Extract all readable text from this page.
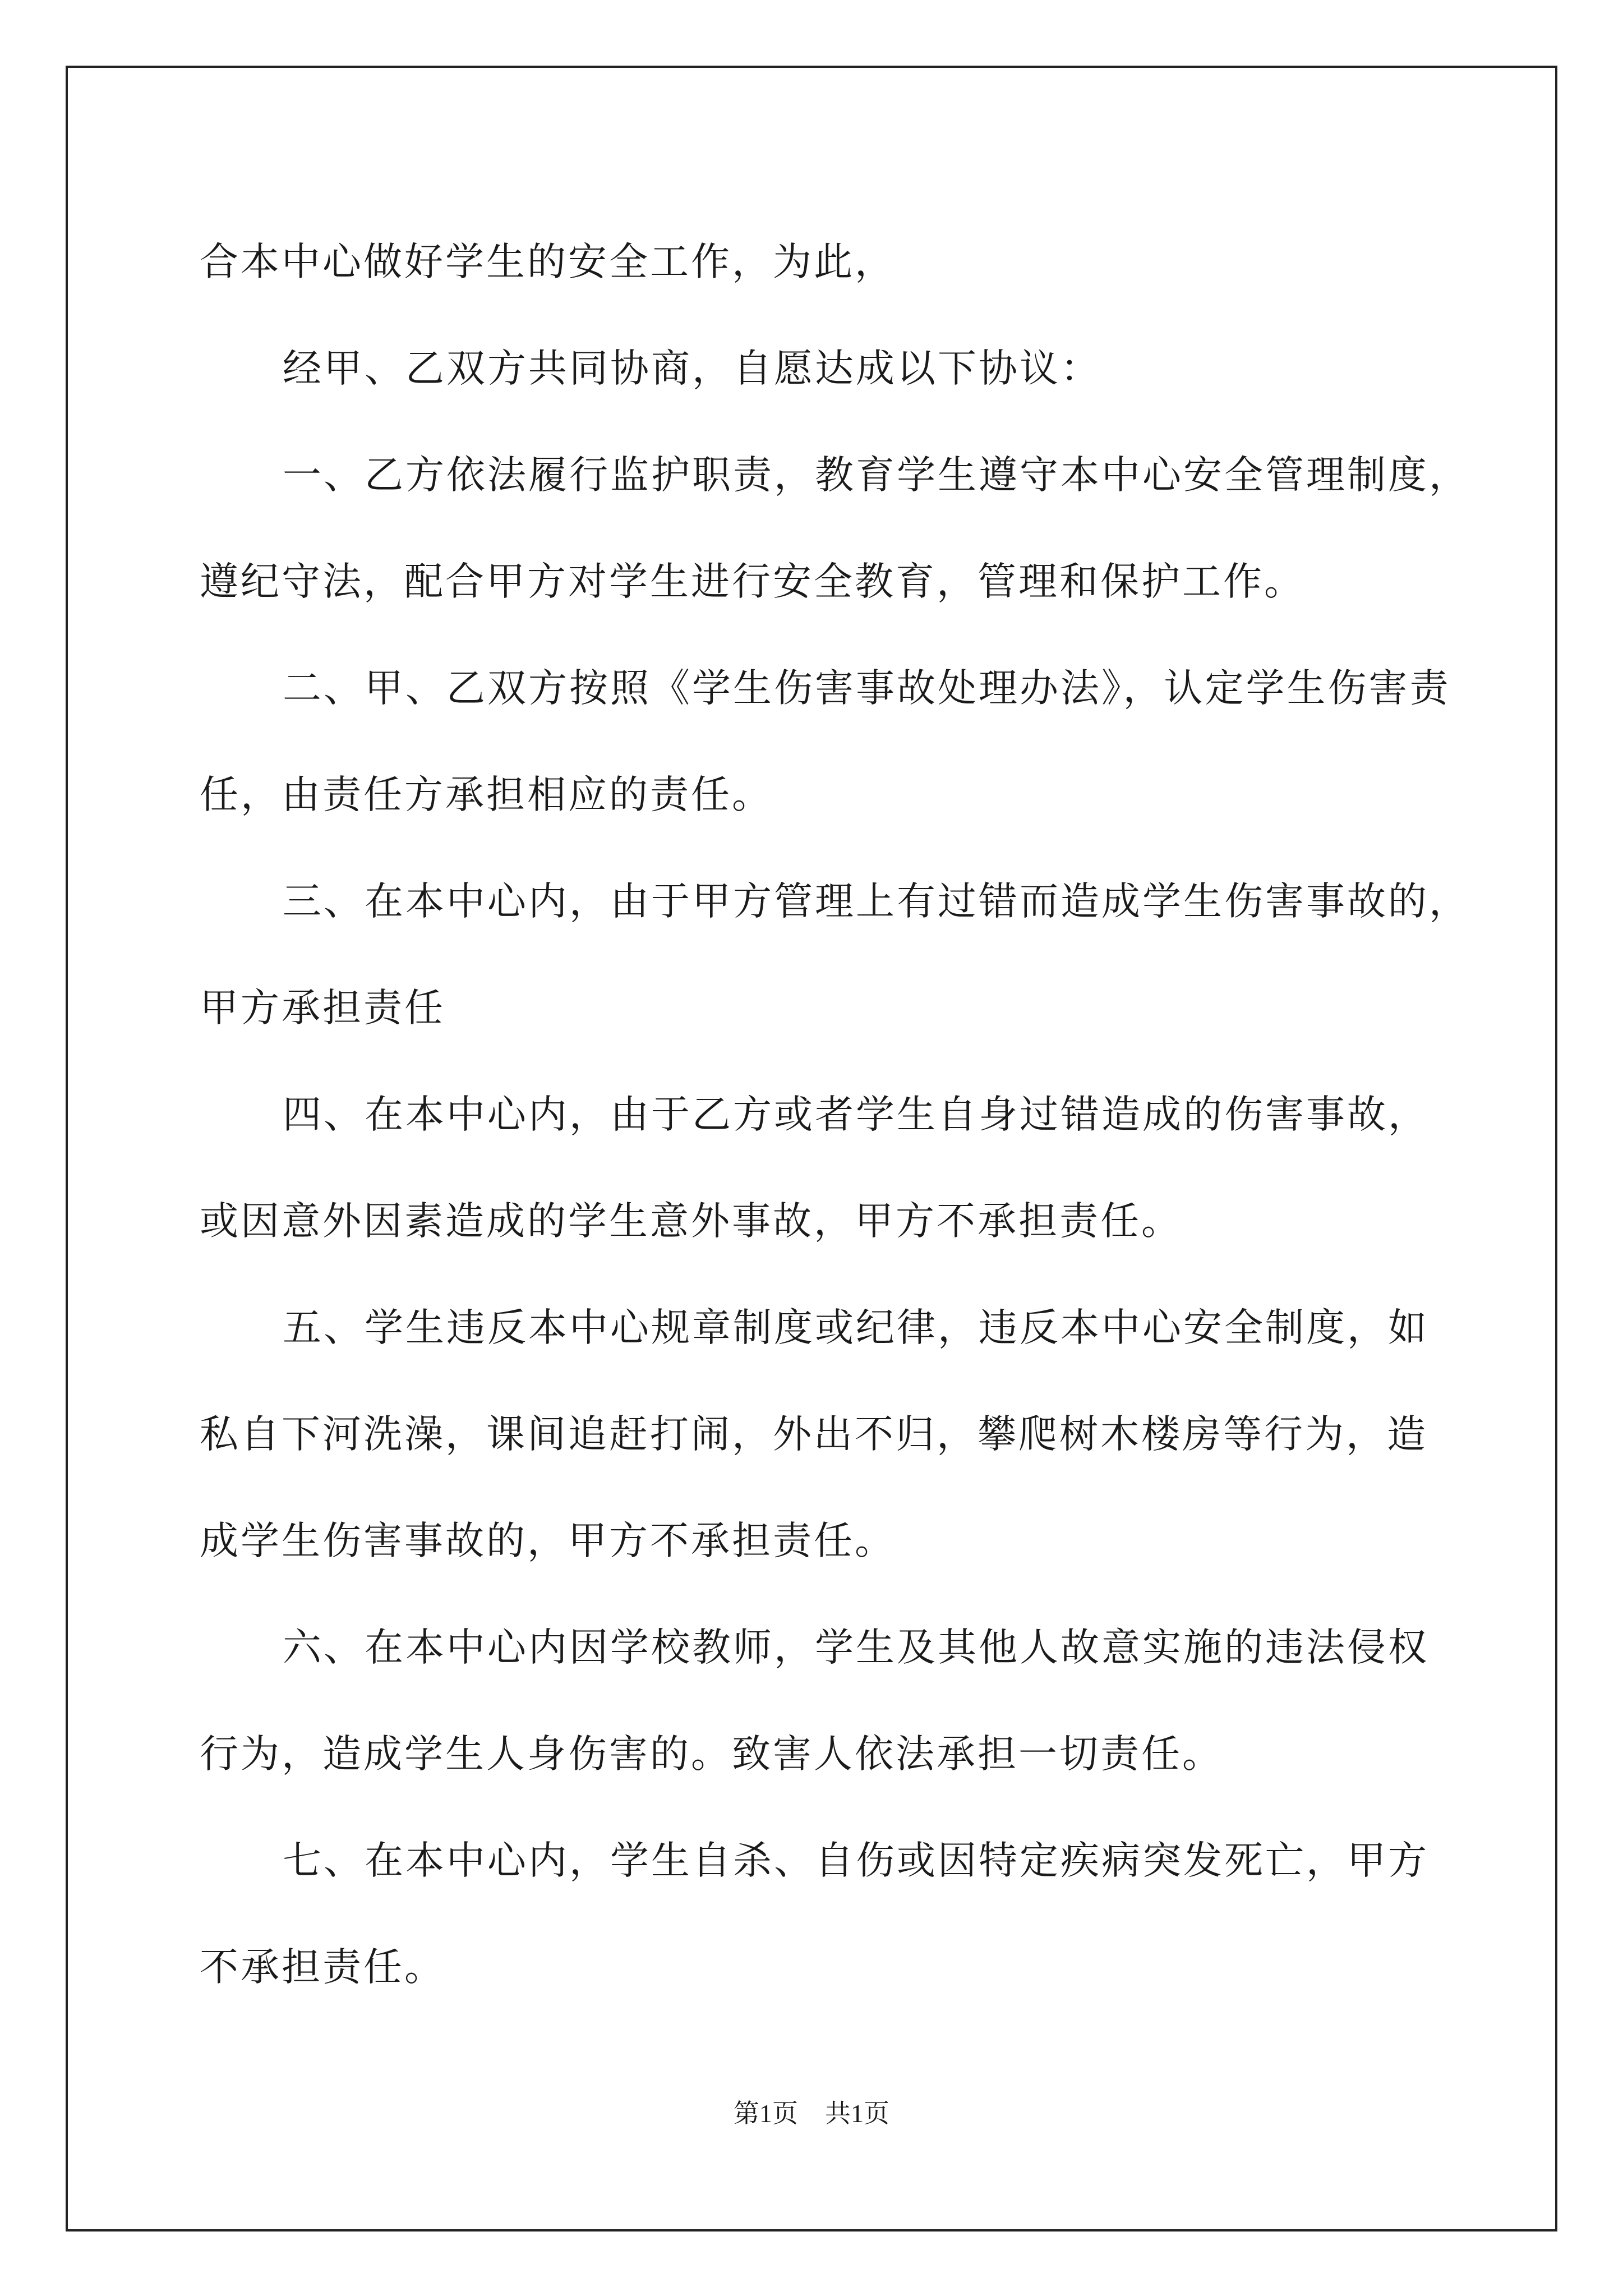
合本中心做好学生的安全工作，为此，
经甲、乙双方共同协商，自愿达成以下协议：
一、乙方依法履行监护职责，教育学生遵守本中心安全管理制度，
遵纪守法，配合甲方对学生进行安全教育，管理和保护工作。
二、甲、乙双方按照《学生伤害事故处理办法》，认定学生伤害责
任，由责任方承担相应的责任。
三、在本中心内，由于甲方管理上有过错而造成学生伤害事故的，
甲方承担责任
四、在本中心内，由于乙方或者学生自身过错造成的伤害事故，
或因意外因素造成的学生意外事故，甲方不承担责任。
五、学生违反本中心规章制度或纪律，违反本中心安全制度，如
私自下河洗澡，课间追赶打闹，外出不归，攀爬树木楼房等行为，造
成学生伤害事故的，甲方不承担责任。
六、在本中心内因学校教师，学生及其他人故意实施的违法侵权
行为，造成学生人身伤害的。致害人依法承担一切责任。
七、在本中心内，学生自杀、自伤或因特定疾病突发死亡，甲方
不承担责任。
第1页 共1页
